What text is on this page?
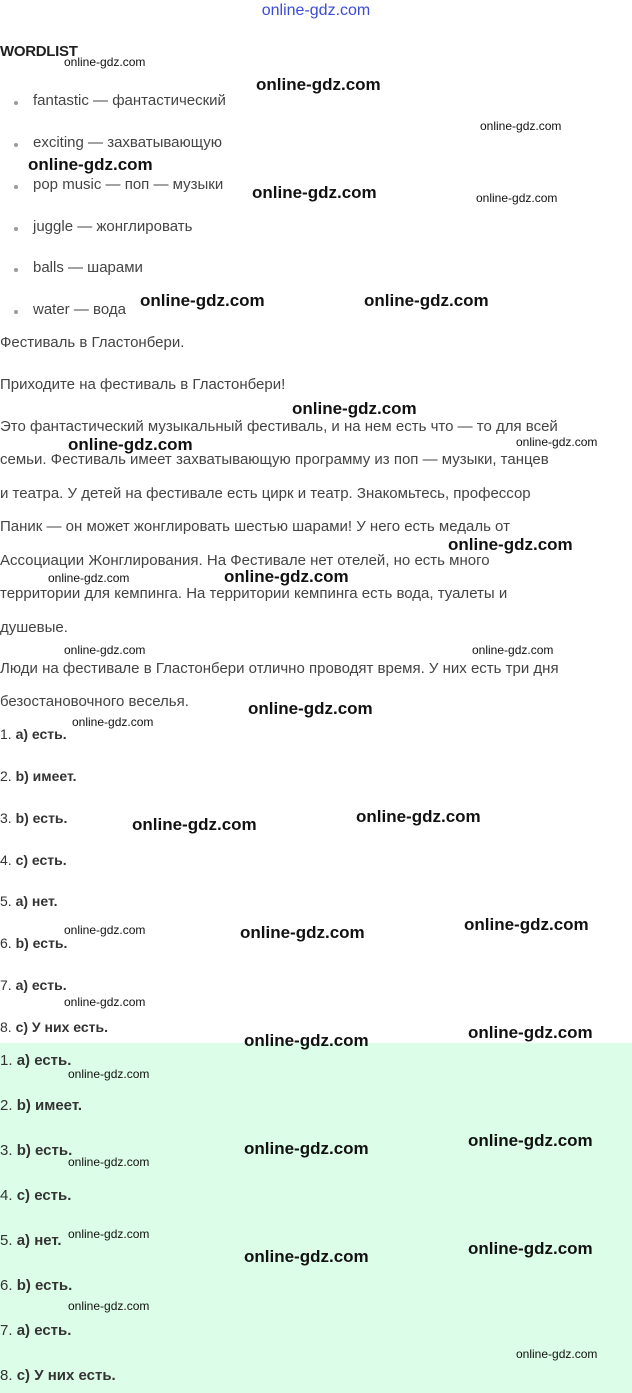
online-gdz.com
WORDLIST
fantastic — фантастический
exciting — захватывающую
pop music — поп — музыки
juggle — жонглировать
balls — шарами
water — вода

Фестиваль в Гластонбери.

Приходите на фестиваль в Гластонбери!

Это фантастический музыкальный фестиваль, и на нем есть что — то для всей

семьи. Фестиваль имеет захватывающую программу из поп — музыки, танцев

и театра. У детей на фестивале есть цирк и театр. Знакомьтесь, профессор

Паник — он может жонглировать шестью шарами! У него есть медаль от

Ассоциации Жонглирования. На Фестивале нет отелей, но есть много

территории для кемпинга. На территории кемпинга есть вода, туалеты и

душевые.

Люди на фестивале в Гластонбери отлично проводят время. У них есть три дня

безостановочного веселья.

1. a) есть.

2. b) имеет.

3. b) есть.

4. c) есть.

5. a) нет.

6. b) есть.

7. a) есть.

8. c) У них есть.

1. a) есть.

2. b) имеет.

3. b) есть.

4. c) есть.

5. a) нет.

6. b) есть.

7. a) есть.

8. c) У них есть.

online-gdz.com
online-gdz.com
online-gdz.com
online-gdz.com
online-gdz.com	online-gdz.com
online-gdz.com	online-gdz.com
online-gdz.com
online-gdz.com	online-gdz.com
online-gdz.com
online-gdz.com	online-gdz.com
online-gdz.com	online-gdz.com
online-gdz.com
online-gdz.com
online-gdz.com
online-gdz.com
online-gdz.com
online-gdz.com	online-gdz.com
online-gdz.com
online-gdz.com
online-gdz.com
online-gdz.com
online-gdz.com
online-gdz.com
online-gdz.com
online-gdz.com
online-gdz.com
online-gdz.com
online-gdz.com
online-gdz.com
